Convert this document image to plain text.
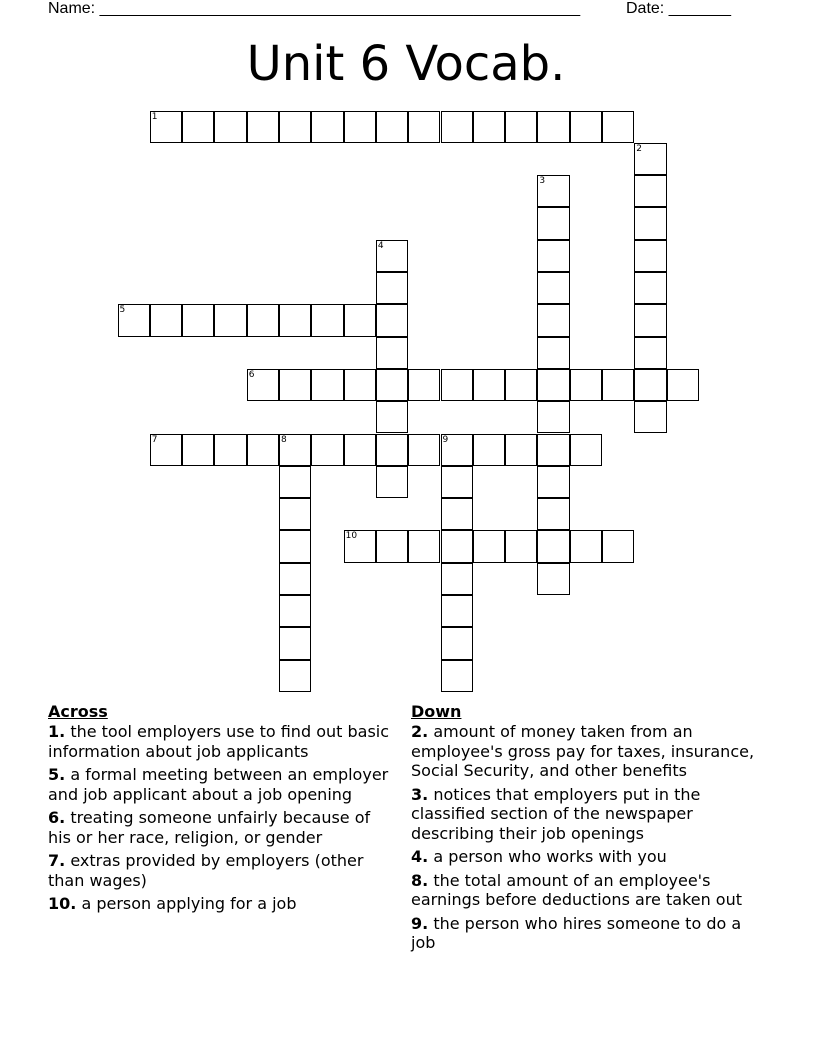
Name: ______________________________________________________	Date: _______
Unit 6 Vocab.
1
2
3
4
5
6
7	8	9
10
Across
1. the tool employers use to find out basic information about job applicants
5. a formal meeting between an employer and job applicant about a job opening
6. treating someone unfairly because of his or her race, religion, or gender
7. extras provided by employers (other than wages)
10. a person applying for a job
Down
2. amount of money taken from an employee's gross pay for taxes, insurance, Social Security, and other benefits
3. notices that employers put in the classified section of the newspaper describing their job openings
4. a person who works with you
8. the total amount of an employee's earnings before deductions are taken out
9. the person who hires someone to do a job
